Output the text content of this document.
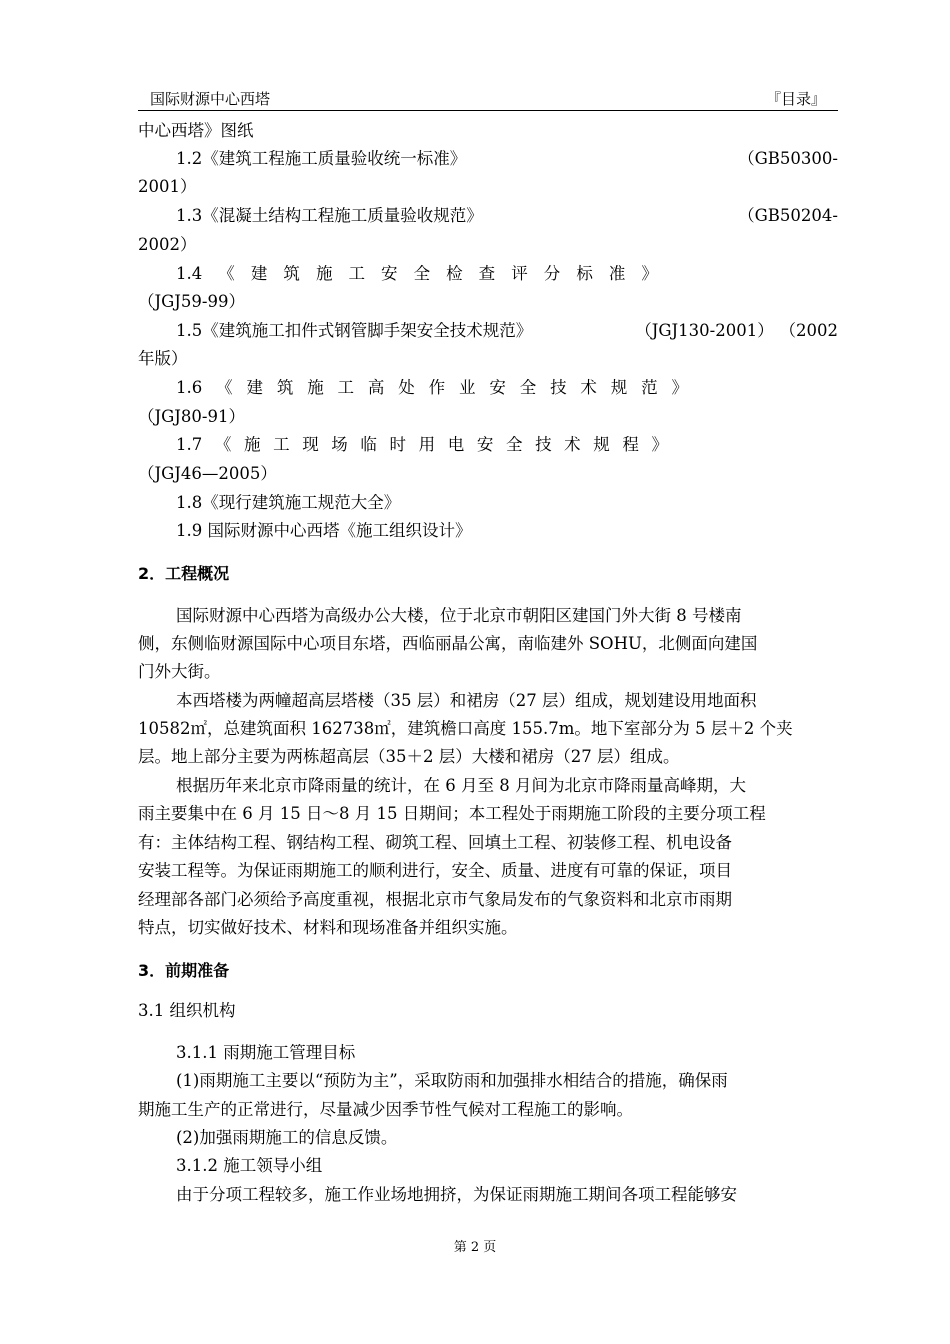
国际财源中心西塔	『目录』
中心西塔》图纸
1.2《建筑工程施工质量验收统一标准》	（GB50300-
2001）
1.3《混凝土结构工程施工质量验收规范》	（GB50204-
2002）
1.4 《 建 筑 施 工 安 全 检 查 评 分 标 准 》
（JGJ59-99）
1.5《建筑施工扣件式钢管脚手架安全技术规范》	（JGJ130-2001） （2002
年版）
1.6 《 建 筑 施 工 高 处 作 业 安 全 技 术 规 范 》
（JGJ80-91）
1.7 《 施 工 现 场 临 时 用 电 安 全 技 术 规 程 》
（JGJ46—2005）
1.8《现行建筑施工规范大全》
1.9 国际财源中心西塔《施工组织设计》
2．工程概况
国际财源中心西塔为高级办公大楼，位于北京市朝阳区建国门外大街 8 号楼南
侧，东侧临财源国际中心项目东塔，西临丽晶公寓，南临建外 SOHU，北侧面向建国
门外大街。
本西塔楼为两幢超高层塔楼（35 层）和裙房（27 层）组成，规划建设用地面积
10582㎡，总建筑面积 162738㎡，建筑檐口高度 155.7m。地下室部分为 5 层＋2 个夹
层。地上部分主要为两栋超高层（35＋2 层）大楼和裙房（27 层）组成。
根据历年来北京市降雨量的统计，在 6 月至 8 月间为北京市降雨量高峰期，大
雨主要集中在 6 月 15 日～8 月 15 日期间；本工程处于雨期施工阶段的主要分项工程
有：主体结构工程、钢结构工程、砌筑工程、回填土工程、初装修工程、机电设备
安装工程等。为保证雨期施工的顺利进行，安全、质量、进度有可靠的保证，项目
经理部各部门必须给予高度重视，根据北京市气象局发布的气象资料和北京市雨期
特点，切实做好技术、材料和现场准备并组织实施。
3．前期准备
3.1 组织机构
3.1.1 雨期施工管理目标
(1)雨期施工主要以“预防为主”，采取防雨和加强排水相结合的措施，确保雨
期施工生产的正常进行，尽量减少因季节性气候对工程施工的影响。
(2)加强雨期施工的信息反馈。
3.1.2 施工领导小组
由于分项工程较多，施工作业场地拥挤，为保证雨期施工期间各项工程能够安
第 2 页
